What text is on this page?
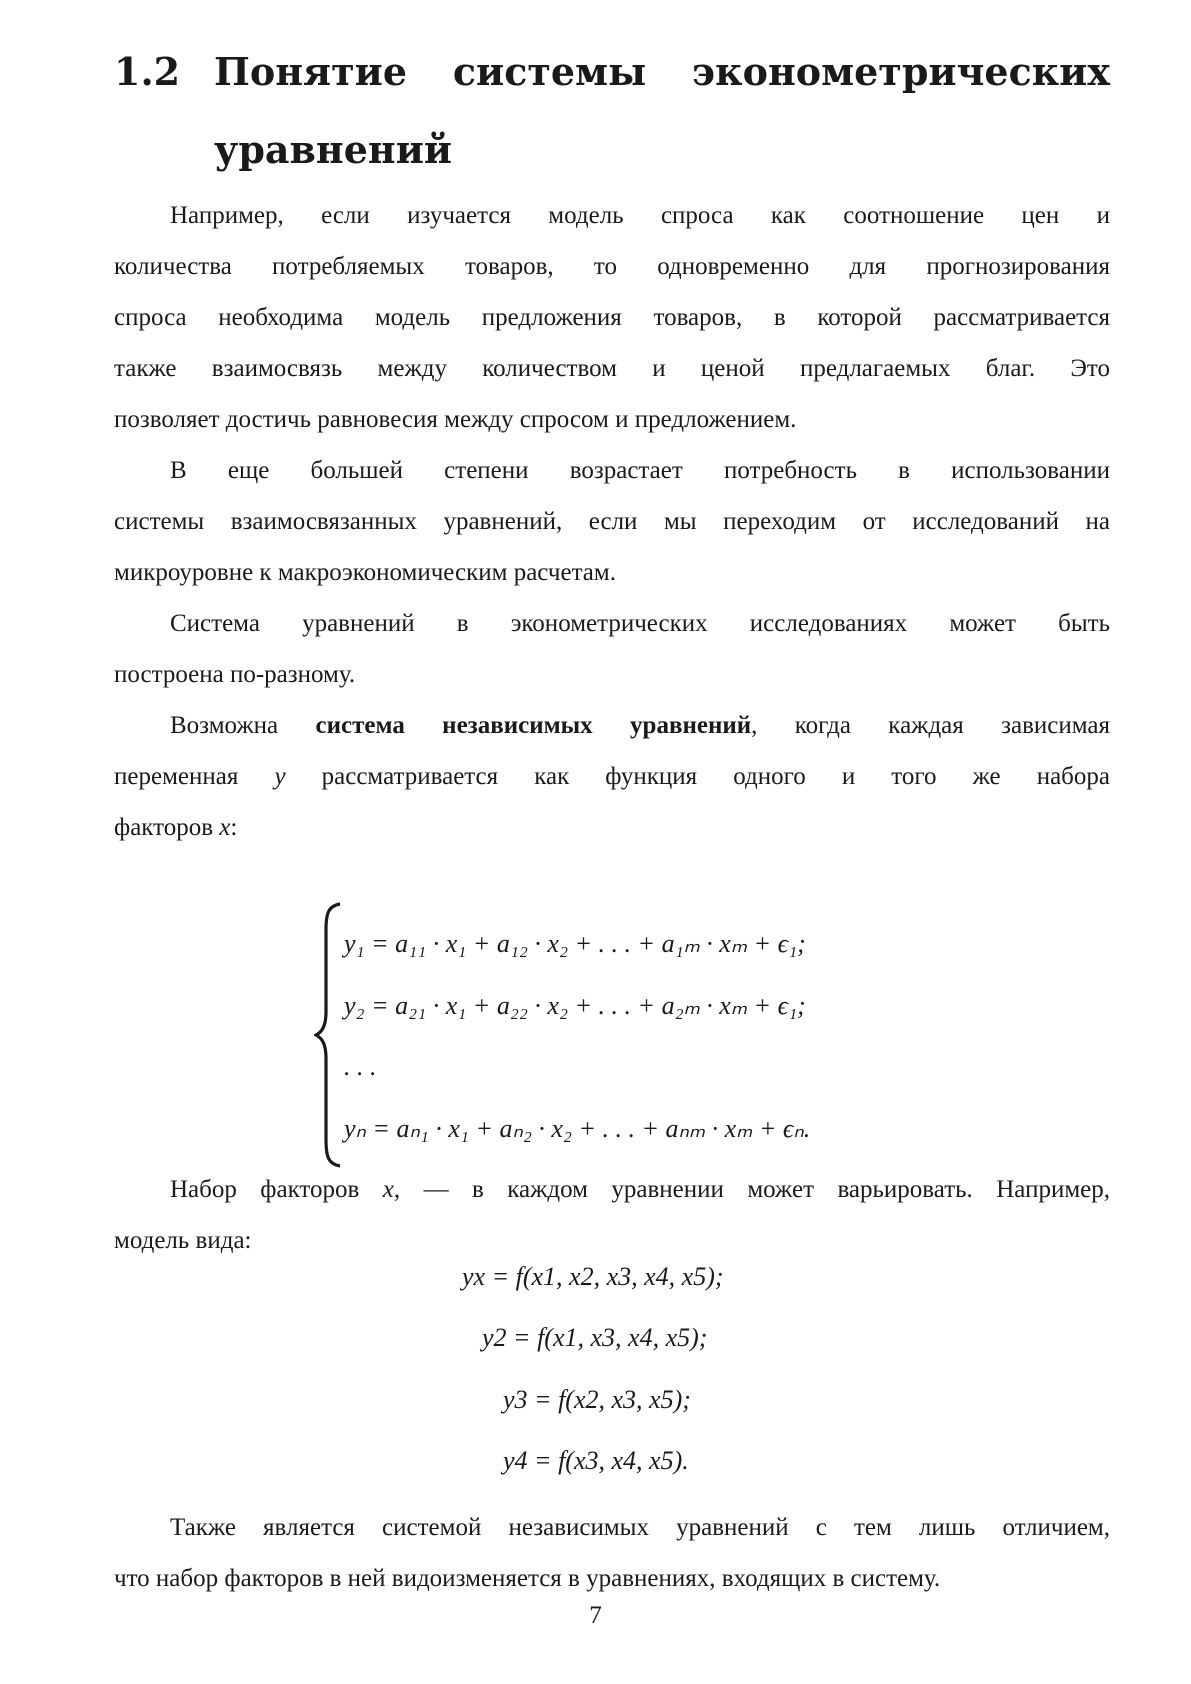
1.2 Понятие системы эконометрических
уравнений
Например, если изучается модель спроса как соотношение цен и
количества потребляемых товаров, то одновременно для прогнозирования
спроса необходима модель предложения товаров, в которой рассматривается
также взаимосвязь между количеством и ценой предлагаемых благ. Это
позволяет достичь равновесия между спросом и предложением.
В еще большей степени возрастает потребность в использовании
системы взаимосвязанных уравнений, если мы переходим от исследований на
микроуровне к макроэкономическим расчетам.
Система уравнений в эконометрических исследованиях может быть
построена по-разному.
Возможна система независимых уравнений, когда каждая зависимая
переменная y рассматривается как функция одного и того же набора
факторов x:
y₁ = a₁₁ · x₁ + a₁₂ · x₂ + . . . + a₁ₘ · xₘ + ϵ₁;
y₂ = a₂₁ · x₁ + a₂₂ · x₂ + . . . + a₂ₘ · xₘ + ϵ₁;
. . .
yₙ = aₙ₁ · x₁ + aₙ₂ · x₂ + . . . + aₙₘ · xₘ + ϵₙ.
Набор факторов x, — в каждом уравнении может варьировать. Например,
модель вида:
yx = f(x1, x2, x3, x4, x5);
y2 = f(x1, x3, x4, x5);
y3 = f(x2, x3, x5);
y4 = f(x3, x4, x5).
Также является системой независимых уравнений с тем лишь отличием,
что набор факторов в ней видоизменяется в уравнениях, входящих в систему.
7
